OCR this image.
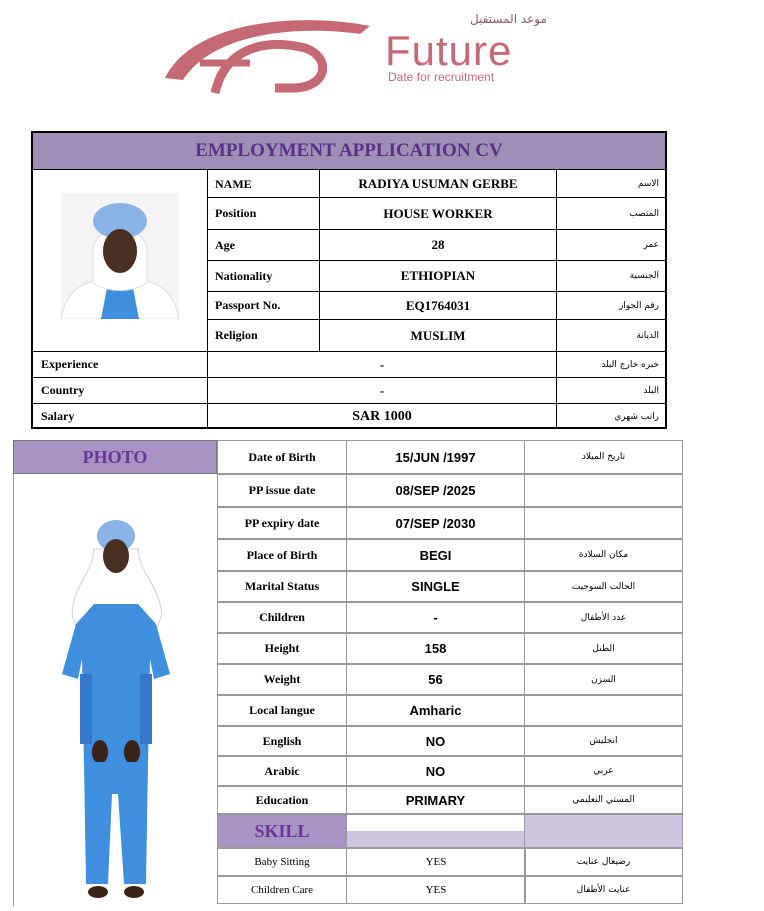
موعد المستقبل
Future
Date for recruitment
EMPLOYMENT APPLICATION CV
NAME	RADIYA USUMAN GERBE	الاسم
Position	HOUSE WORKER	المنصب
Age	28	عمر
Nationality	ETHIOPIAN	الجنسية
Passport No.	EQ1764031	رقم الجواز
Religion	MUSLIM	الديانة
Experience	-	خبره خارج البلد
Country	-	البلد
Salary	SAR 1000	راتب شهري
PHOTO	Date of Birth	15/JUN /1997	تاريخ الميلاد
PP issue date	08/SEP /2025
PP expiry date	07/SEP /2030
Place of Birth	BEGI	مكان السلادة
Marital Status	SINGLE	الحالت السوجيت
Children	-	عدد الأطفال
Height	158	الطنل
Weight	56	السزن
Local langue	Amharic
English	NO	انجليش
Arabic	NO	عربي
Education	PRIMARY	المستي التعليمي
SKILL
Baby Sitting	YES	رضيعال عنايت
Children Care	YES	عنايت الأطفال
